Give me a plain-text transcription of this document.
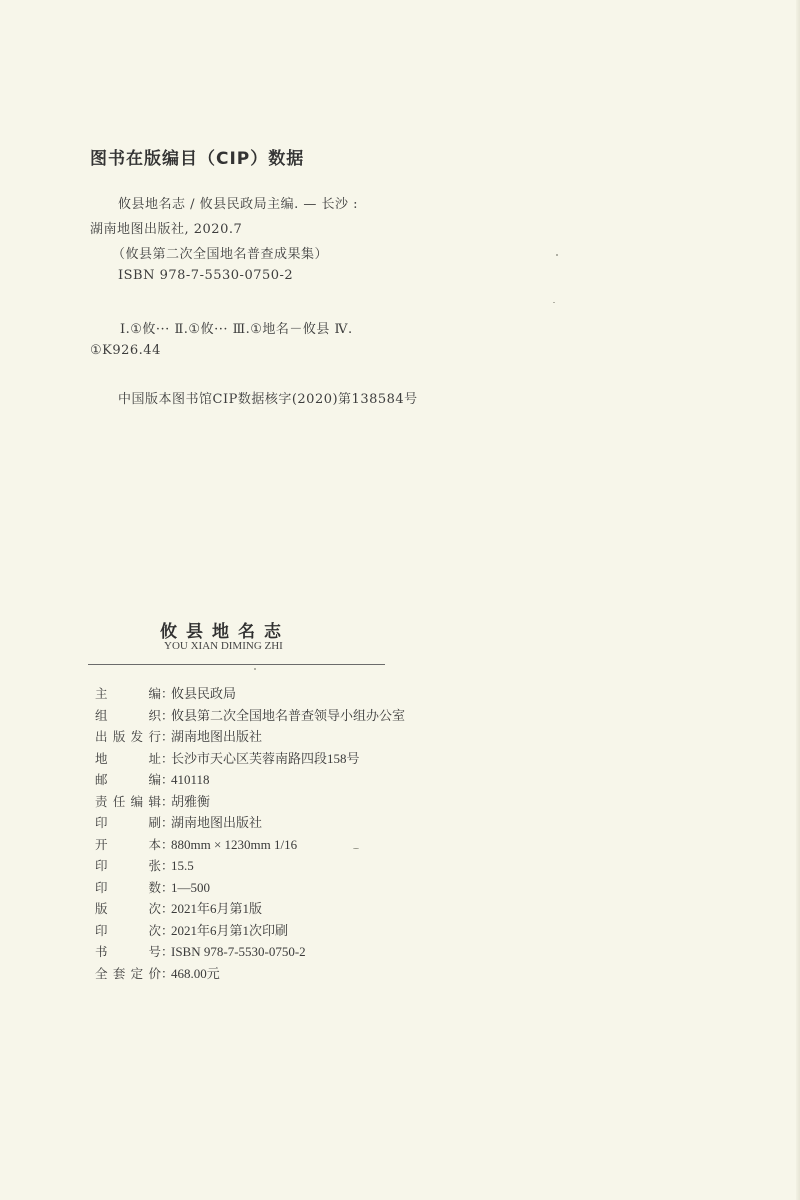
图书在版编目（CIP）数据
攸县地名志 / 攸县民政局主编. — 长沙 :
湖南地图出版社, 2020.7
（攸县第二次全国地名普查成果集）
ISBN 978-7-5530-0750-2
Ⅰ.①攸··· Ⅱ.①攸··· Ⅲ.①地名－攸县 Ⅳ.
①K926.44
中国版本图书馆CIP数据核字(2020)第138584号
攸县地名志
YOU XIAN DIMING ZHI
主　编：攸县民政局
组　织：攸县第二次全国地名普查领导小组办公室
出版发行：湖南地图出版社
地　址：长沙市天心区芙蓉南路四段158号
邮　编：410118
责任编辑：胡雅衡
印　刷：湖南地图出版社
开　本：880mm × 1230mm 1/16
印　张：15.5
印　数：1—500
版　次：2021年6月第1版
印　次：2021年6月第1次印刷
书　号：ISBN 978-7-5530-0750-2
全套定价：468.00元
